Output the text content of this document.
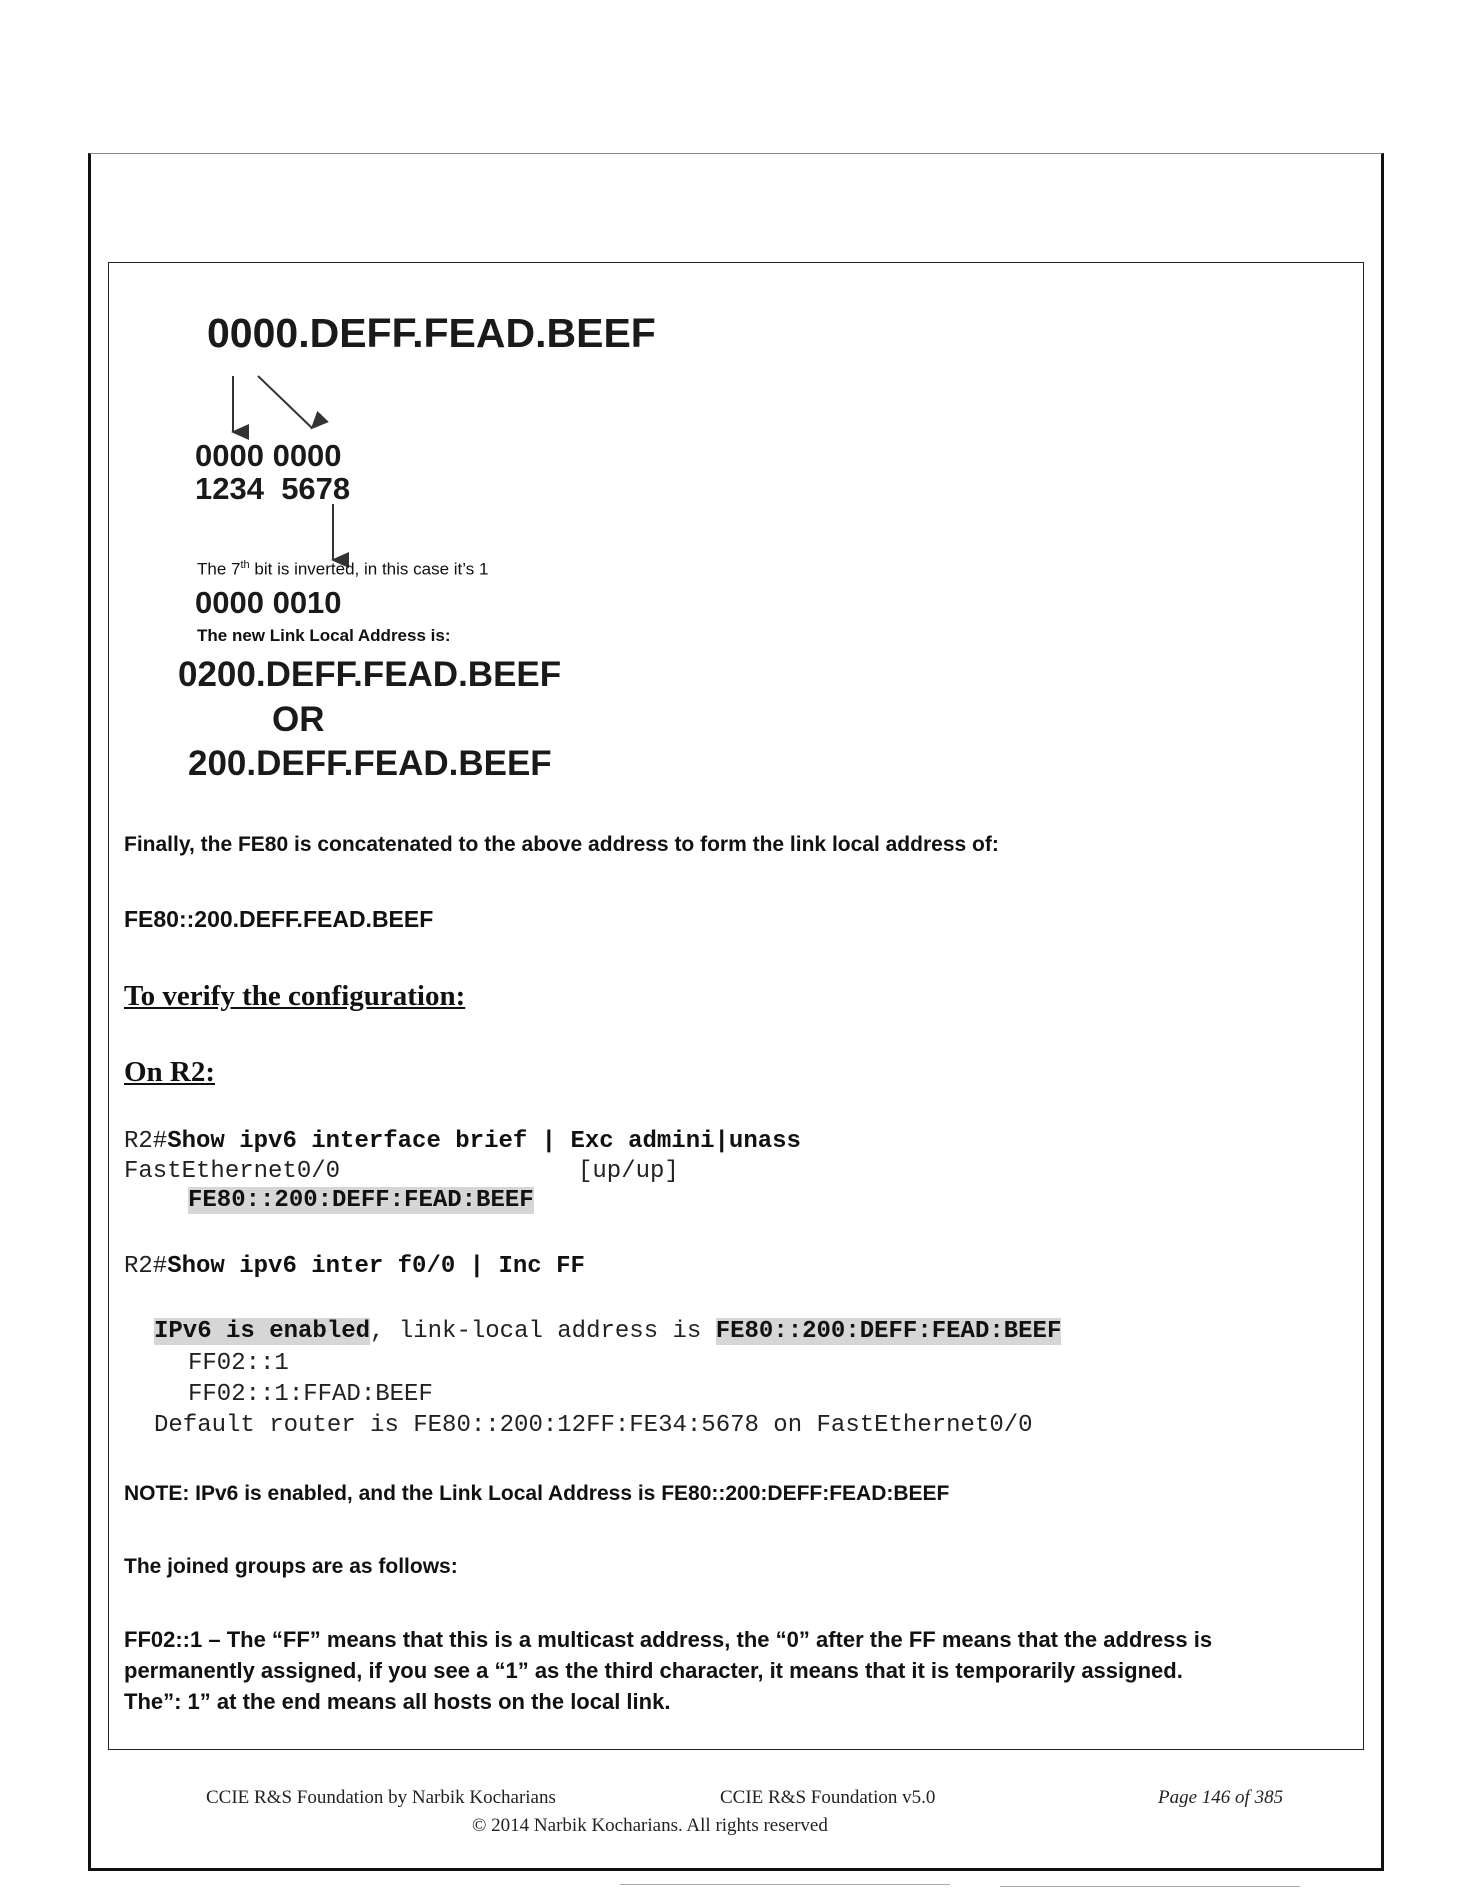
0000.DEFF.FEAD.BEEF
0000 0000
1234  5678
The 7th bit is inverted, in this case it’s 1
0000 0010
The new Link Local Address is:
0200.DEFF.FEAD.BEEF
OR
200.DEFF.FEAD.BEEF
Finally, the FE80 is concatenated to the above address to form the link local address of:
FE80::200.DEFF.FEAD.BEEF
To verify the configuration:
On R2:
R2#Show ipv6 interface brief | Exc admini|unass
FastEthernet0/0	[up/up]
FE80::200:DEFF:FEAD:BEEF
R2#Show ipv6 inter f0/0 | Inc FF
IPv6 is enabled, link-local address is FE80::200:DEFF:FEAD:BEEF
FF02::1
FF02::1:FFAD:BEEF
Default router is FE80::200:12FF:FE34:5678 on FastEthernet0/0
NOTE: IPv6 is enabled, and the Link Local Address is FE80::200:DEFF:FEAD:BEEF
The joined groups are as follows:
FF02::1 – The “FF” means that this is a multicast address, the “0” after the FF means that the address is
permanently assigned, if you see a “1” as the third character, it means that it is temporarily assigned.
The”: 1” at the end means all hosts on the local link.
CCIE R&S Foundation by Narbik Kocharians	CCIE R&S Foundation v5.0	Page 146 of 385
© 2014 Narbik Kocharians. All rights reserved
